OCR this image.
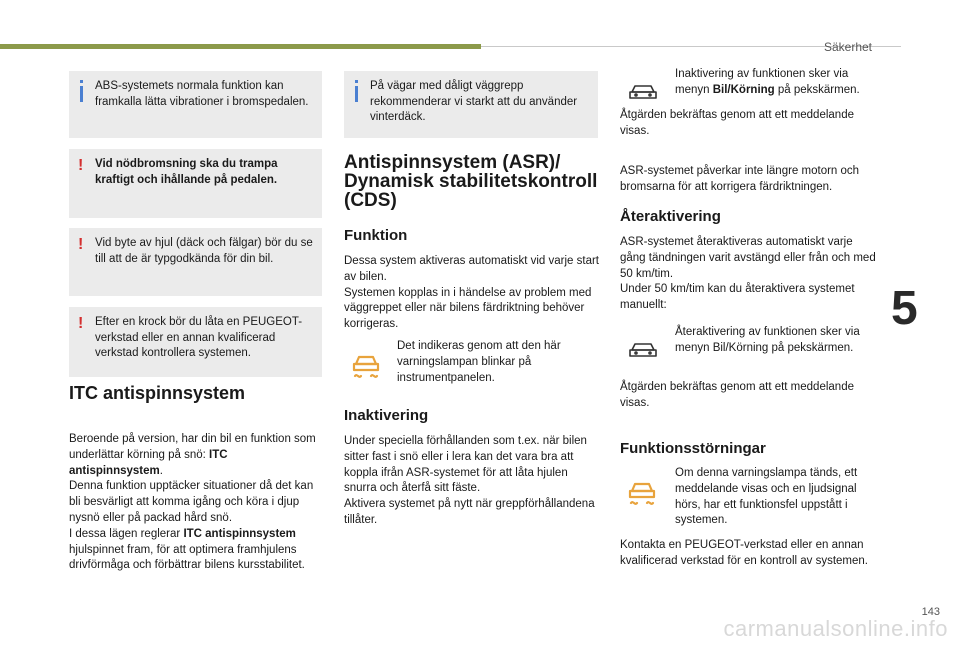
Säkerhet
5

ABS-systemets normala funktion kan framkalla lätta vibrationer i bromspedalen.

!	Vid nödbromsning ska du trampa kraftigt och ihållande på pedalen.

!	Vid byte av hjul (däck och fälgar) bör du se till att de är typgodkända för din bil.

!	Efter en krock bör du låta en PEUGEOT-verkstad eller en annan kvalificerad verkstad kontrollera systemen.

ITC antispinnsystem

Beroende på version, har din bil en funktion som underlättar körning på snö: ITC antispinnsystem.

Denna funktion upptäcker situationer då det kan bli besvärligt att komma igång och köra i djup nysnö eller på packad hård snö.

I dessa lägen reglerar ITC antispinnsystem hjulspinnet fram, för att optimera framhjulens drivförmåga och förbättrar bilens kursstabilitet.

På vägar med dåligt väggrepp rekommenderar vi starkt att du använder vinterdäck.

Antispinnsystem (ASR)/ Dynamisk stabilitetskontroll (CDS)
Funktion

Dessa system aktiveras automatiskt vid varje start av bilen.

Systemen kopplas in i händelse av problem med väggreppet eller när bilens färdriktning behöver korrigeras.

Det indikeras genom att den här varningslampan blinkar på instrumentpanelen.
Inaktivering

Under speciella förhållanden som t.ex. när bilen sitter fast i snö eller i lera kan det vara bra att koppla ifrån ASR-systemet för att låta hjulen snurra och återfå sitt fäste.

Aktivera systemet på nytt när greppförhållandena tillåter.

Inaktivering av funktionen sker via menyn Bil/Körning på pekskärmen.
Åtgärden bekräftas genom att ett meddelande visas.
ASR-systemet påverkar inte längre motorn och bromsarna för att korrigera färdriktningen.
Återaktivering

ASR-systemet återaktiveras automatiskt varje gång tändningen varit avstängd eller från och med 50 km/tim.

Under 50 km/tim kan du återaktivera systemet manuellt:

Återaktivering av funktionen sker via menyn Bil/Körning på pekskärmen.
Åtgärden bekräftas genom att ett meddelande visas.
Funktionsstörningar
Om denna varningslampa tänds, ett meddelande visas och en ljudsignal hörs, har ett funktionsfel uppstått i systemen.
Kontakta en PEUGEOT-verkstad eller en annan kvalificerad verkstad för en kontroll av systemen.
143
carmanualsonline.info
